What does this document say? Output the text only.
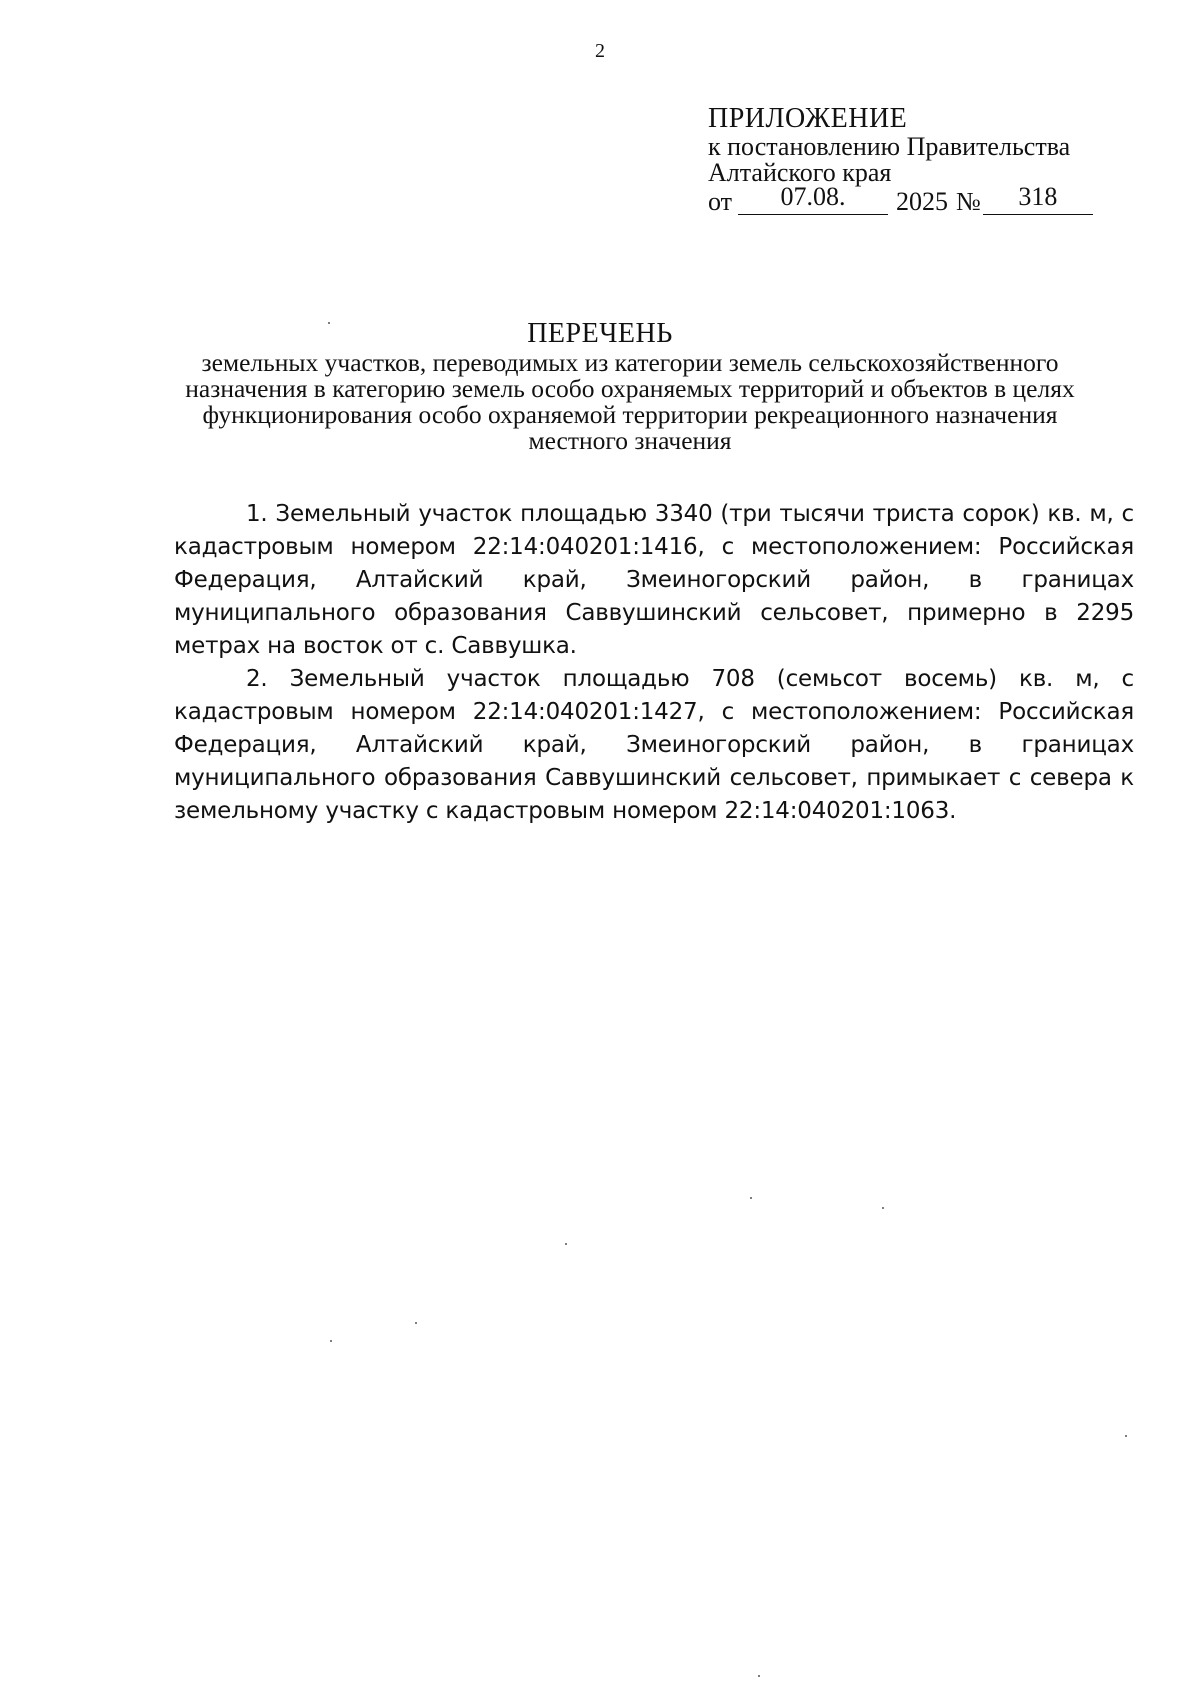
2
ПРИЛОЖЕНИЕ
к постановлению Правительства
Алтайского края
от 07.08. 2025 № 318
ПЕРЕЧЕНЬ
земельных участков, переводимых из категории земель сельскохозяйственного назначения в категорию земель особо охраняемых территорий и объектов в целях функционирования особо охраняемой территории рекреационного назначения местного значения

1. Земельный участок площадью 3340 (три тысячи триста сорок) кв. м, с кадастровым номером 22:14:040201:1416, с местоположением: Российская Федерация, Алтайский край, Змеиногорский район, в границах муниципального образования Саввушинский сельсовет, примерно в 2295 метрах на восток от с. Саввушка.

2. Земельный участок площадью 708 (семьсот восемь) кв. м, с кадастровым номером 22:14:040201:1427, с местоположением: Российская Федерация, Алтайский край, Змеиногорский район, в границах муниципального образования Саввушинский сельсовет, примыкает с севера к земельному участку с кадастровым номером 22:14:040201:1063.
